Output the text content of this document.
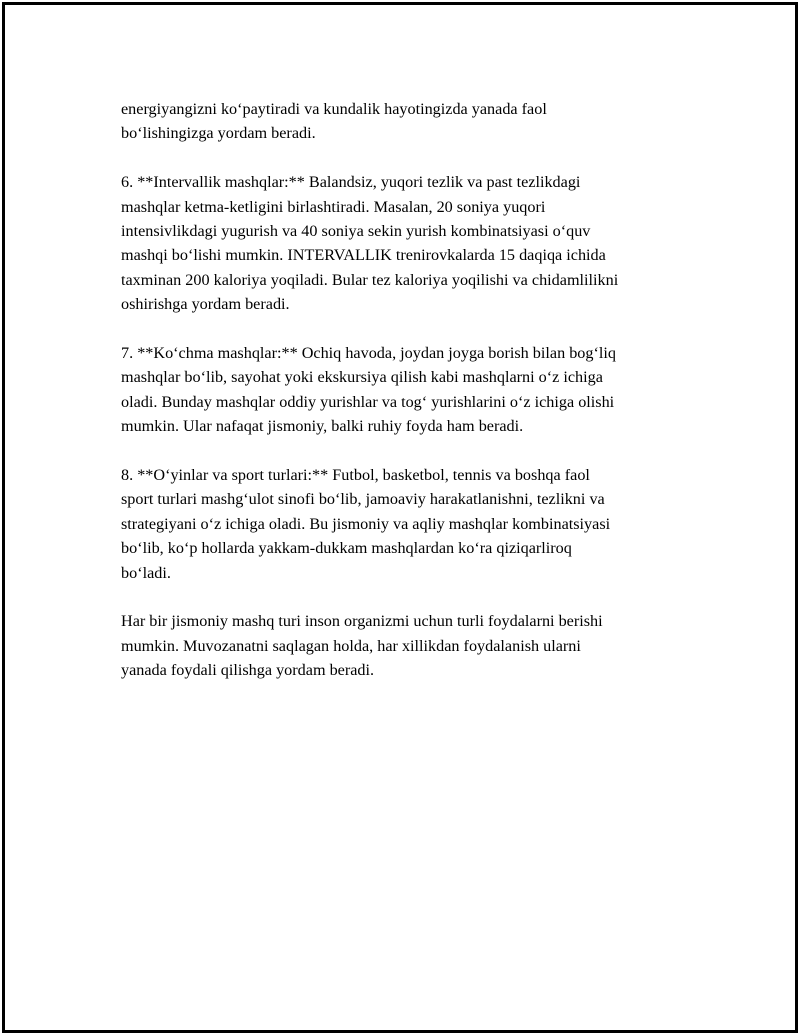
energiyangizni ko‘paytiradi va kundalik hayotingizda yanada faol
bo‘lishingizga yordam beradi.

6. **Intervallik mashqlar:** Balandsiz, yuqori tezlik va past tezlikdagi
mashqlar ketma-ketligini birlashtiradi. Masalan, 20 soniya yuqori
intensivlikdagi yugurish va 40 soniya sekin yurish kombinatsiyasi o‘quv
mashqi bo‘lishi mumkin. INTERVALLIK trenirovkalarda 15 daqiqa ichida
taxminan 200 kaloriya yoqiladi. Bular tez kaloriya yoqilishi va chidamlilikni
oshirishga yordam beradi.

7. **Ko‘chma mashqlar:** Ochiq havoda, joydan joyga borish bilan bog‘liq
mashqlar bo‘lib, sayohat yoki ekskursiya qilish kabi mashqlarni o‘z ichiga
oladi. Bunday mashqlar oddiy yurishlar va tog‘ yurishlarini o‘z ichiga olishi
mumkin. Ular nafaqat jismoniy, balki ruhiy foyda ham beradi.

8. **O‘yinlar va sport turlari:** Futbol, basketbol, tennis va boshqa faol
sport turlari mashg‘ulot sinofi bo‘lib, jamoaviy harakatlanishni, tezlikni va
strategiyani o‘z ichiga oladi. Bu jismoniy va aqliy mashqlar kombinatsiyasi
bo‘lib, ko‘p hollarda yakkam-dukkam mashqlardan ko‘ra qiziqarliroq
bo‘ladi.

Har bir jismoniy mashq turi inson organizmi uchun turli foydalarni berishi
mumkin. Muvozanatni saqlagan holda, har xillikdan foydalanish ularni
yanada foydali qilishga yordam beradi.
